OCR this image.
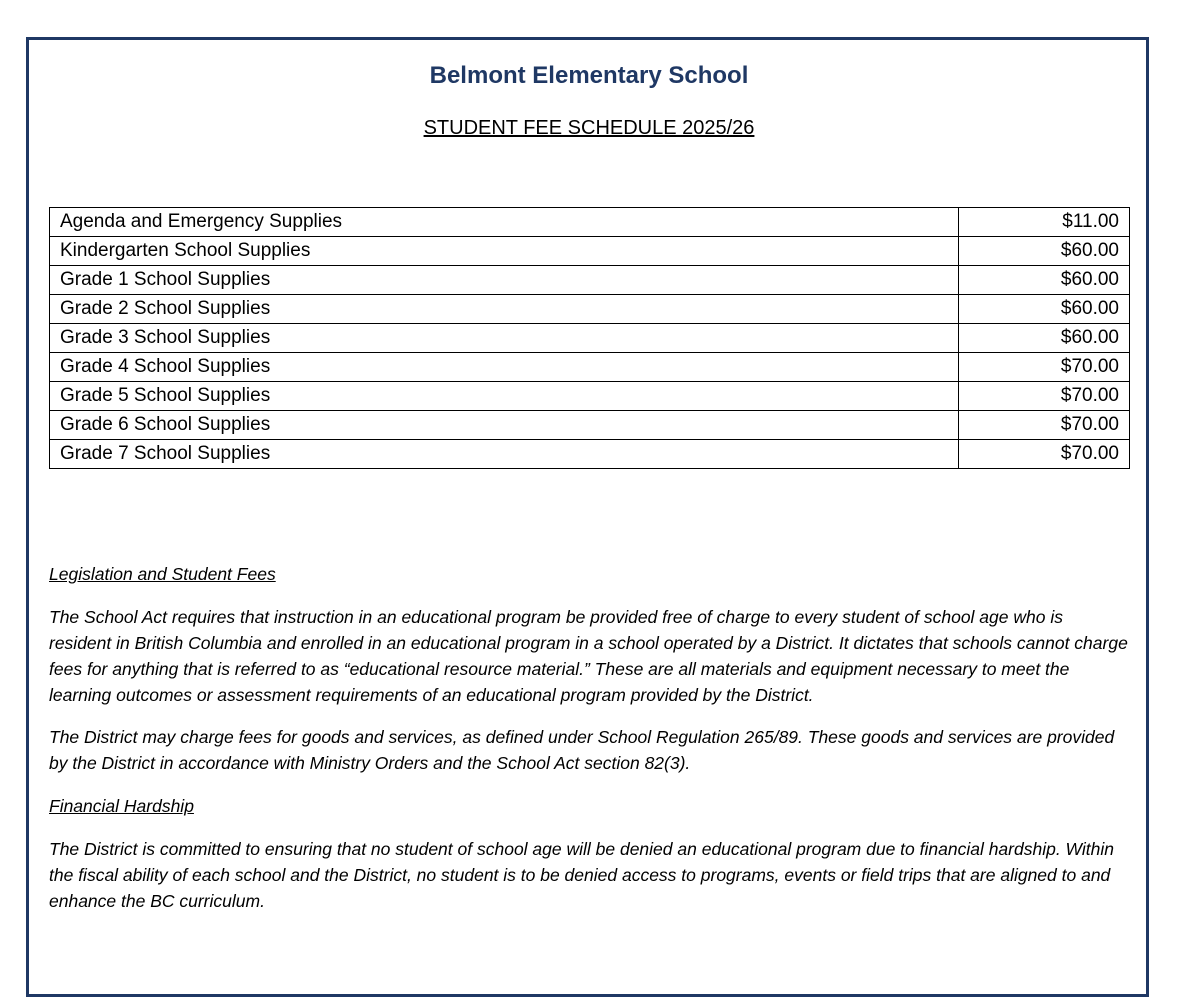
Belmont Elementary School
STUDENT FEE SCHEDULE 2025/26
Agenda and Emergency Supplies	$11.00
Kindergarten School Supplies	$60.00
Grade 1 School Supplies	$60.00
Grade 2 School Supplies	$60.00
Grade 3 School Supplies	$60.00
Grade 4 School Supplies	$70.00
Grade 5 School Supplies	$70.00
Grade 6 School Supplies	$70.00
Grade 7 School Supplies	$70.00

Legislation and Student Fees

The School Act requires that instruction in an educational program be provided free of charge to every student of school age who is resident in British Columbia and enrolled in an educational program in a school operated by a District. It dictates that schools cannot charge fees for anything that is referred to as “educational resource material.” These are all materials and equipment necessary to meet the learning outcomes or assessment requirements of an educational program provided by the District.

The District may charge fees for goods and services, as defined under School Regulation 265/89. These goods and services are provided by the District in accordance with Ministry Orders and the School Act section 82(3).

Financial Hardship

The District is committed to ensuring that no student of school age will be denied an educational program due to financial hardship. Within the fiscal ability of each school and the District, no student is to be denied access to programs, events or field trips that are aligned to and enhance the BC curriculum.
